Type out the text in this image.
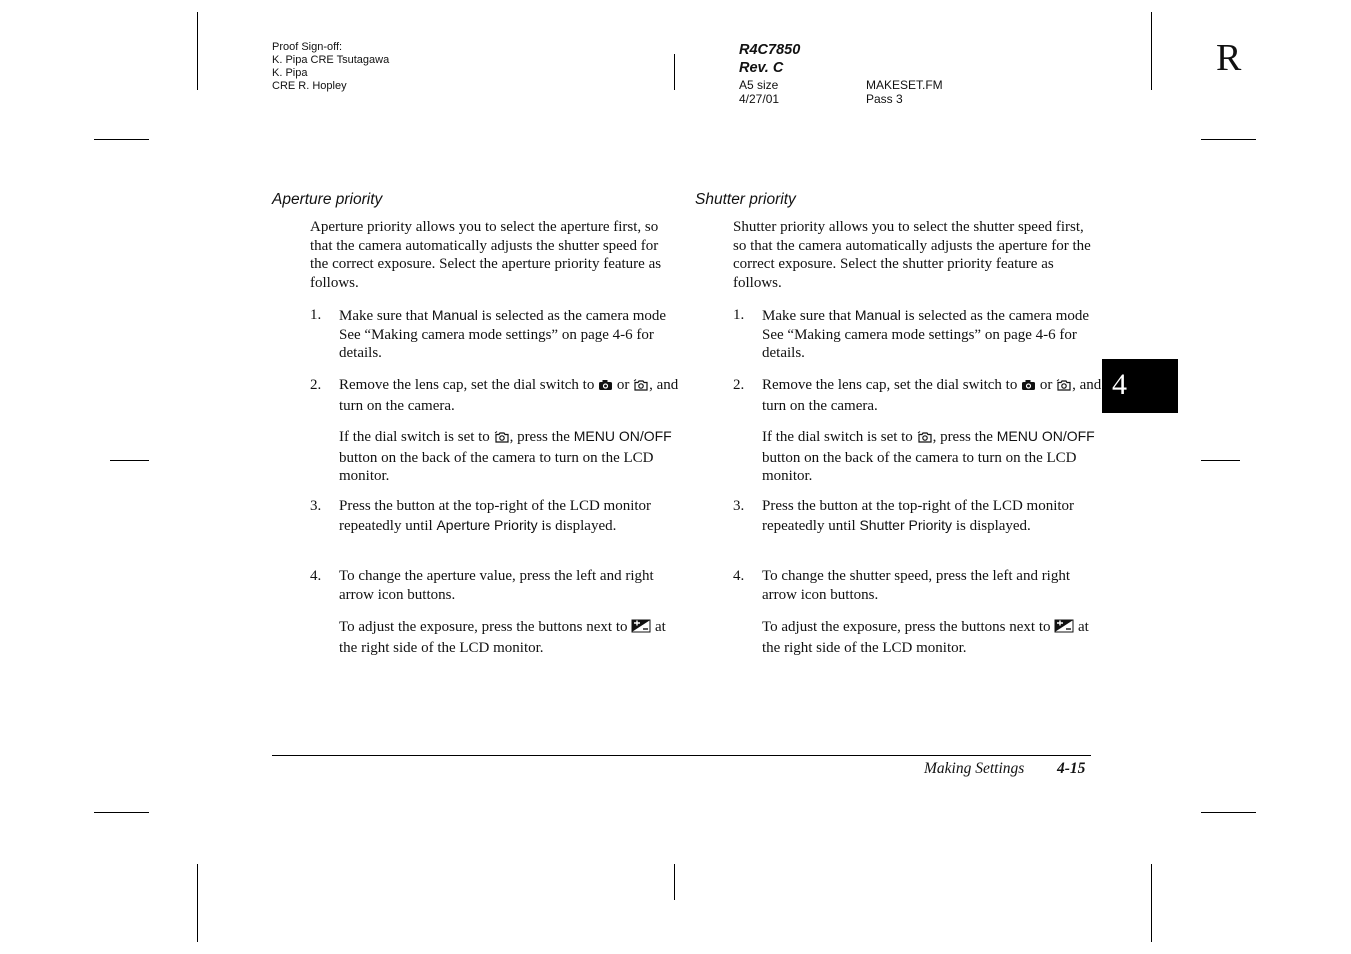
Proof Sign-off:
K. Pipa CRE Tsutagawa
K. Pipa
CRE R. Hopley
R4C7850
Rev. C
A5 size
4/27/01
MAKESET.FM
Pass 3
R
4
Aperture priority
Aperture priority allows you to select the aperture first, so that the camera automatically adjusts the shutter speed for the correct exposure. Select the aperture priority feature as follows.
1. Make sure that Manual is selected as the camera mode See “Making camera mode settings” on page 4-6 for details.
2. Remove the lens cap, set the dial switch to  or , and turn on the camera.
If the dial switch is set to , press the MENU ON/OFF button on the back of the camera to turn on the LCD monitor.
3. Press the button at the top-right of the LCD monitor repeatedly until Aperture Priority is displayed.
4. To change the aperture value, press the left and right arrow icon buttons.
To adjust the exposure, press the buttons next to  at the right side of the LCD monitor.
Shutter priority
Shutter priority allows you to select the shutter speed first, so that the camera automatically adjusts the aperture for the correct exposure. Select the shutter priority feature as follows.
1. Make sure that Manual is selected as the camera mode See “Making camera mode settings” on page 4-6 for details.
2. Remove the lens cap, set the dial switch to  or , and turn on the camera.
If the dial switch is set to , press the MENU ON/OFF button on the back of the camera to turn on the LCD monitor.
3. Press the button at the top-right of the LCD monitor repeatedly until Shutter Priority is displayed.
4. To change the shutter speed, press the left and right arrow icon buttons.
To adjust the exposure, press the buttons next to  at the right side of the LCD monitor.
Making Settings 4-15
